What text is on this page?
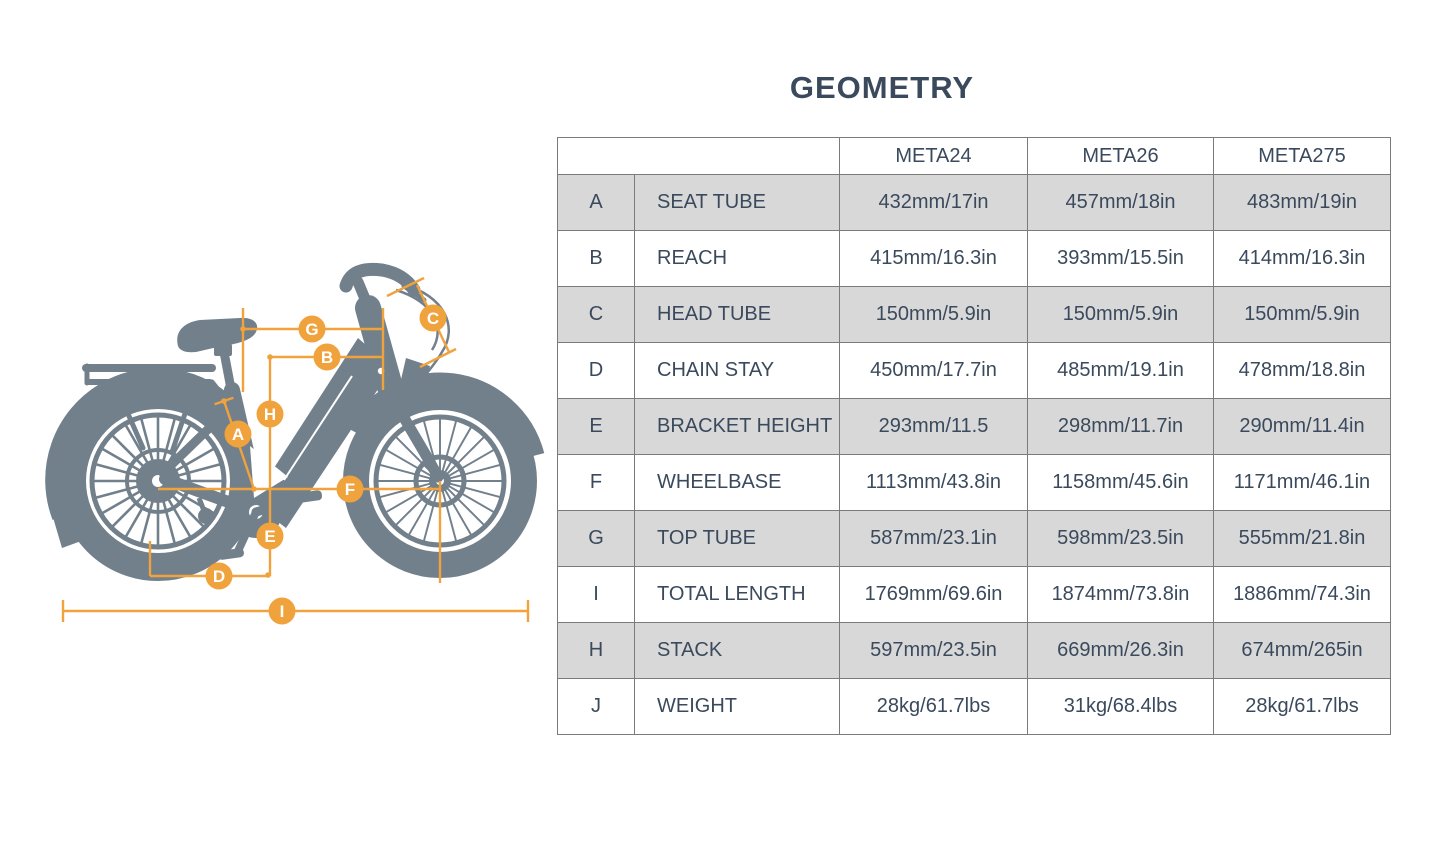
GEOMETRY
G
B
C
A
H
F
E
D
I
		META24	META26	META275
A	SEAT TUBE	432mm/17in	457mm/18in	483mm/19in
B	REACH	415mm/16.3in	393mm/15.5in	414mm/16.3in
C	HEAD TUBE	150mm/5.9in	150mm/5.9in	150mm/5.9in
D	CHAIN STAY	450mm/17.7in	485mm/19.1in	478mm/18.8in
E	BRACKET HEIGHT	293mm/11.5	298mm/11.7in	290mm/11.4in
F	WHEELBASE	1113mm/43.8in	1158mm/45.6in	1171mm/46.1in
G	TOP TUBE	587mm/23.1in	598mm/23.5in	555mm/21.8in
I	TOTAL LENGTH	1769mm/69.6in	1874mm/73.8in	1886mm/74.3in
H	STACK	597mm/23.5in	669mm/26.3in	674mm/265in
J	WEIGHT	28kg/61.7lbs	31kg/68.4lbs	28kg/61.7lbs
